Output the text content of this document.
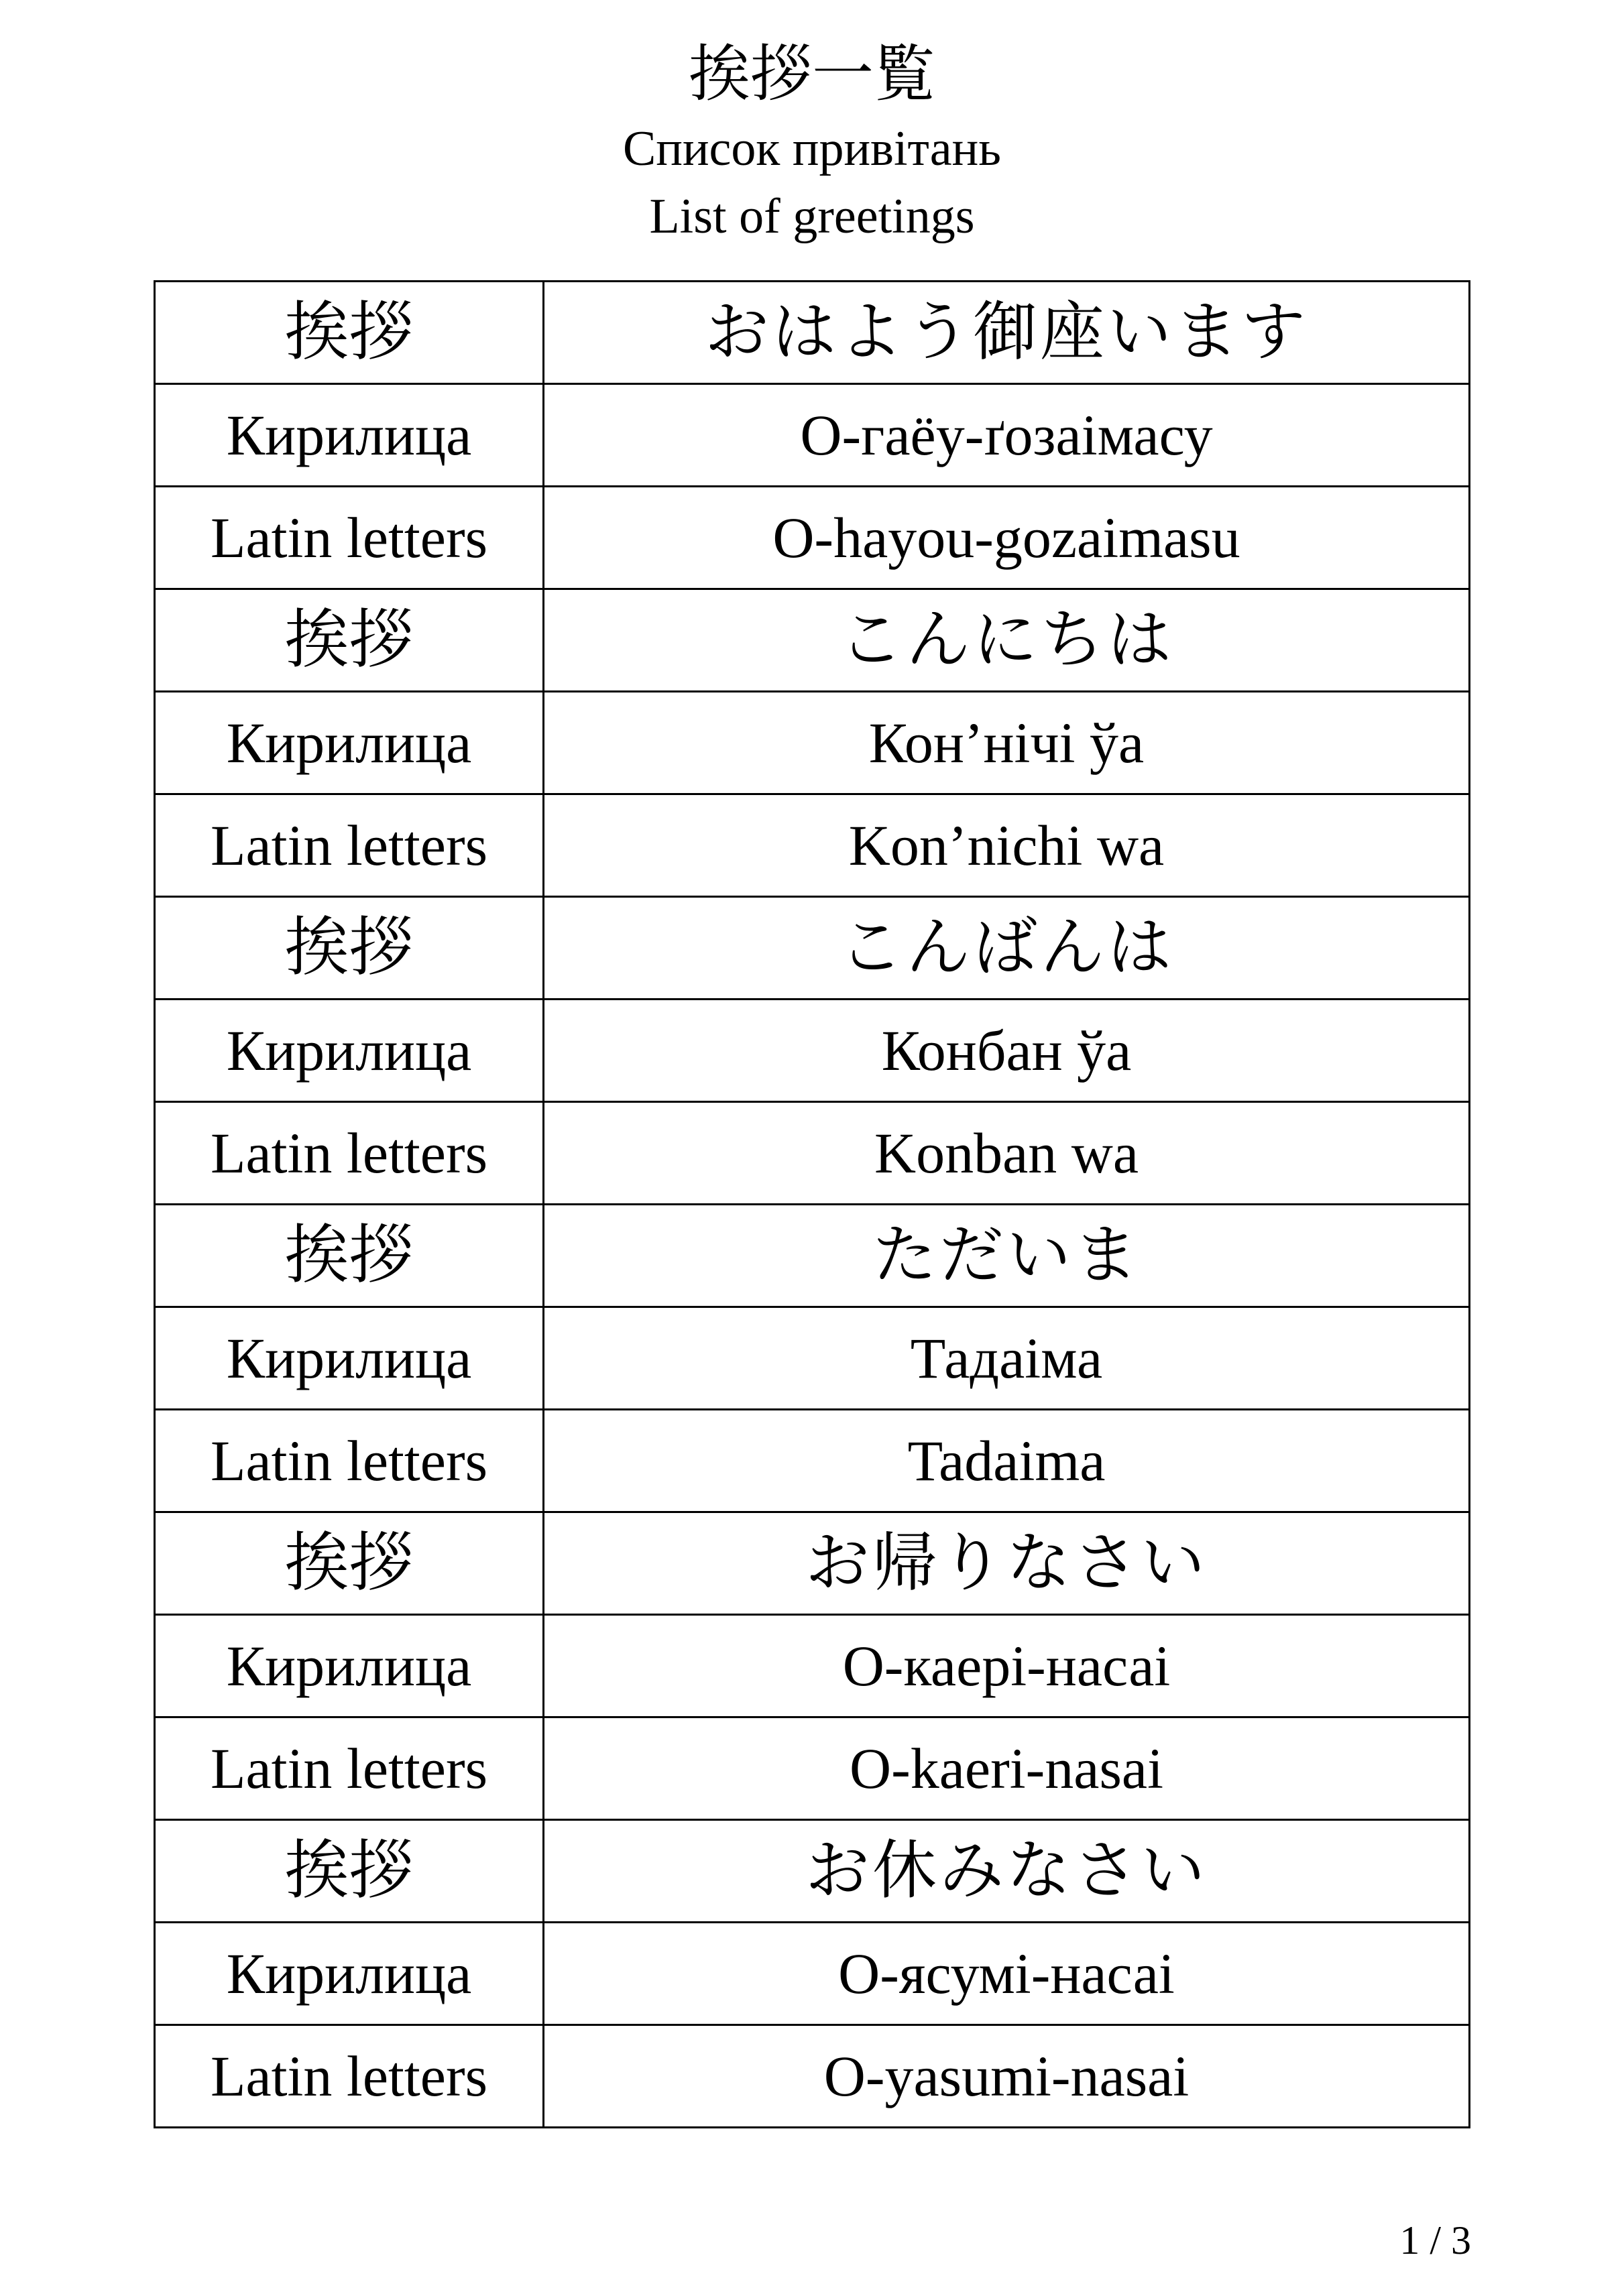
挨拶一覧
Список привітань
List of greetings
挨拶	おはよう御座います
Кирилица	О-гаёу-ґозаімасу
Latin letters	O-hayou-gozaimasu
挨拶	こんにちは
Кирилица	Кон’нічі ўа
Latin letters	Kon’nichi wa
挨拶	こんばんは
Кирилица	Конбан ўа
Latin letters	Konban wa
挨拶	ただいま
Кирилица	Тадаіма
Latin letters	Tadaima
挨拶	お帰りなさい
Кирилица	О-каері-насаі
Latin letters	O-kaeri-nasai
挨拶	お休みなさい
Кирилица	О-ясумі-насаі
Latin letters	O-yasumi-nasai
1 / 3
